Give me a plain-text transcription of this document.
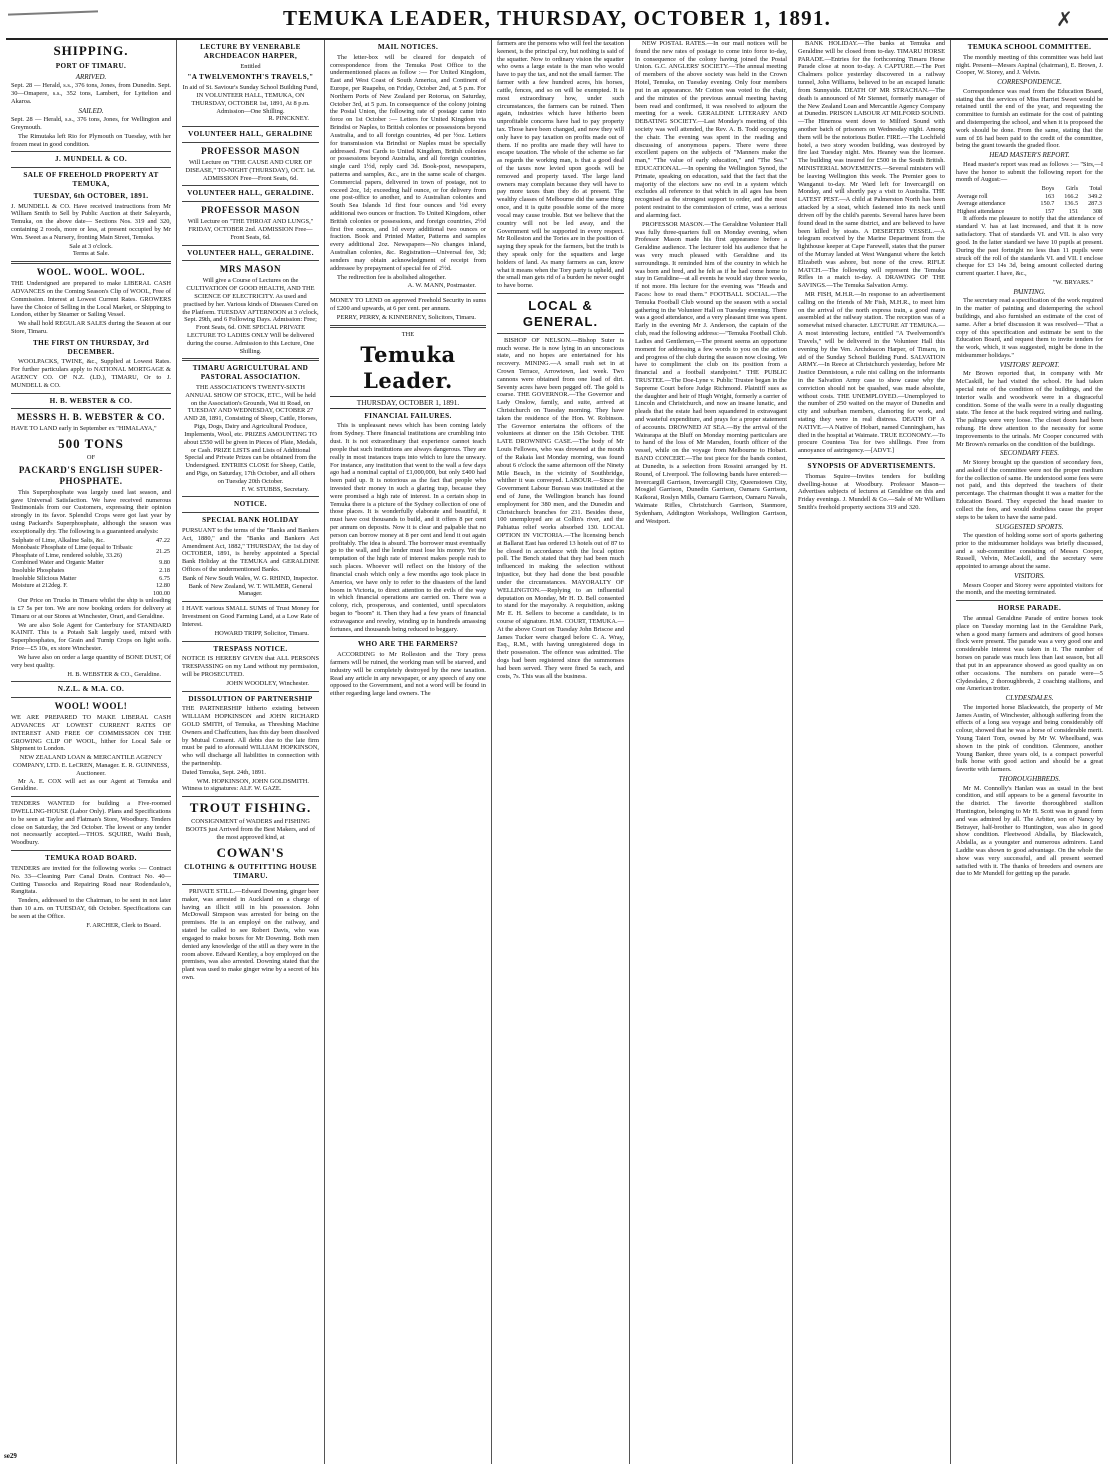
TEMUKA LEADER, THURSDAY, OCTOBER 1, 1891.	✗
SHIPPING.
PORT OF TIMARU.
ARRIVED.
Sept. 28 — Herald, s.s., 376 tons, Jones, from Dunedin. Sept. 30—Omapere, s.s., 352 tons, Lambert, for Lyttelton and Akaroa.
SAILED.
Sept. 28 — Herald, s.s., 376 tons, Jones, for Wellington and Greymouth.
The Rimutaka left Rio for Plymouth on Tuesday, with her frozen meat in good condition.
J. MUNDELL & CO.
SALE OF FREEHOLD PROPERTY AT TEMUKA,
TUESDAY, 6th OCTOBER, 1891.
J. MUNDELL & CO. Have received instructions from Mr William Smith to Sell by Public Auction at their Saleyards, Temuka, on the above date— Sections Nos. 319 and 320, containing 2 roods, more or less, at present occupied by Mr Wm. Sweet as a Nursery, fronting Main Street, Temuka.
Sale at 3 o'clock.
Terms at Sale.
WOOL. WOOL. WOOL.
THE Undersigned are prepared to make LIBERAL CASH ADVANCES on the Coming Season's Clip of WOOL, Free of Commission. Interest at Lowest Current Rates. GROWERS have the Choice of Selling in the Local Market, or Shipping to London, either by Steamer or Sailing Vessel.
We shall hold REGULAR SALES during the Season at our Store, Timaru.
THE FIRST ON THURSDAY, 3rd DECEMBER.
WOOLPACKS, TWINE, &c., Supplied at Lowest Rates. For further particulars apply to NATIONAL MORTGAGE & AGENCY CO. OF N.Z. (LD.), TIMARU, Or to J. MUNDELL & CO.
H. B. WEBSTER & CO.
MESSRS H. B. WEBSTER & CO.
HAVE TO LAND early in September ex "HIMALAYA,"
500 TONS
OF
PACKARD'S ENGLISH SUPER-PHOSPHATE.
This Superphosphate was largely used last season, and gave Universal Satisfaction. We have received numerous Testimonials from our Customers, expressing their opinion strongly in its favor. Splendid Crops were got last year by using Packard's Superphosphate, although the season was exceptionally dry. The following is a guaranteed analysis:
Sulphate of Lime, Alkaline Salts, &c.	47.22
Monobasic Phosphate of Lime (equal to Tribasic Phosphate of Lime, rendered soluble, 33.26)	21.25
Combined Water and Organic Matter	9.80
Insoluble Phosphates	2.18
Insoluble Silicious Matter	6.75
Moisture at 212deg. F.	12.80
	100.00
Our Price on Trucks in Timaru whilst the ship is unloading is £7 5s per ton. We are now booking orders for delivery at Timaru or at our Stores at Winchester, Orari, and Geraldine.
We are also Sole Agent for Canterbury for STANDARD KAINIT. This is a Potash Salt largely used, mixed with Superphosphates, for Grain and Turnip Crops on light soils. Price—£5 10s, ex store Winchester.
We have also on order a large quantity of BONE DUST, Of very best quality.
H. B. WEBSTER & CO., Geraldine.
N.Z.L. & M.A. CO.
WOOL! WOOL!
WE ARE PREPARED TO MAKE LIBERAL CASH ADVANCES AT LOWEST CURRENT RATES OF INTEREST AND FREE OF COMMISSION ON THE GROWING CLIP OF WOOL, hither for Local Sale or Shipment to London.
NEW ZEALAND LOAN & MERCANTILE AGENCY COMPANY, LTD. E. LeCREN, Manager. E. R. GUINNESS, Auctioneer.
Mr A. E. COX will act as our Agent at Temuka and Geraldine.
TENDERS WANTED for building a Five-roomed DWELLING-HOUSE (Labor Only). Plans and Specifications to be seen at Taylor and Flatman's Store, Woodbury. Tenders close on Saturday, the 3rd October. The lowest or any tender not necessarily accepted.—THOS. SQUIRE, Waihi Bush, Woodbury.
TEMUKA ROAD BOARD.
TENDERS are invited for the following works :— Contract No. 33—Cleaning Parr Canal Drain. Contract No. 40—Cutting Tussocks and Repairing Road near Rodendaulo's, Rangitata.
Tenders, addressed to the Chairman, to be sent in not later than 10 a.m. on TUESDAY, 6th October. Specifications can be seen at the Office.
F. ARCHER, Clerk to Board.
LECTURE BY VENERABLE ARCHDEACON HARPER,
Entitled
"A TWELVEMONTH'S TRAVELS,"
In aid of St. Saviour's Sunday School Building Fund, IN VOLUNTEER HALL, TEMUKA, ON THURSDAY, OCTOBER 1st, 1891, At 8 p.m. Admission—One Shilling.
R. PINCKNEY.
VOLUNTEER HALL, GERALDINE
PROFESSOR MASON
Will Lecture on "THE CAUSE AND CURE OF DISEASE," TO-NIGHT (THURSDAY), OCT. 1st. ADMISSION Free—Front Seats, 6d.
VOLUNTEER HALL, GERALDINE.
PROFESSOR MASON
Will Lecture on "THE THROAT AND LUNGS," FRIDAY, OCTOBER 2nd. ADMISSION Free—Front Seats, 6d.
VOLUNTEER HALL, GERALDINE.
MRS MASON
Will give a Course of Lectures on the CULTIVATION OF GOOD HEALTH, AND THE SCIENCE OF ELECTRICITY. As used and practised by her. Various kinds of Diseases Cured on the Platform. TUESDAY AFTERNOON at 3 o'clock, Sept. 29th, and 6 Following Days. Admission: Free; Front Seats, 6d. ONE SPECIAL PRIVATE LECTURE TO LADIES ONLY Will be delivered during the course. Admission to this Lecture, One Shilling.
TIMARU AGRICULTURAL AND PASTORAL ASSOCIATION.
THE ASSOCIATION'S TWENTY-SIXTH ANNUAL SHOW OF STOCK, ETC., Will be held on the Association's Grounds, Wai iti Road, on TUESDAY AND WEDNESDAY, OCTOBER 27 AND 28, 1891, Consisting of Sheep, Cattle, Horses, Pigs, Dogs, Dairy and Agricultural Produce, Implements, Wool, etc. PRIZES AMOUNTING TO about £550 will be given in Pieces of Plate, Medals, or Cash. PRIZE LISTS and Lists of Additional Special and Private Prizes can be obtained from the Undersigned. ENTRIES CLOSE for Sheep, Cattle, and Pigs, on Saturday, 17th October, and all others on Tuesday 20th October.
F. W. STUBBS, Secretary.
NOTICE.
SPECIAL BANK HOLIDAY
PURSUANT to the terms of the "Banks and Bankers Act, 1880," and the "Banks and Bankers Act Amendment Act, 1882," THURSDAY, the 1st day of OCTOBER, 1891, is hereby appointed a Special Bank Holiday at the TEMUKA and GERALDINE Offices of the undermentioned Banks.
Bank of New South Wales, W. G. RHIND, Inspector.
Bank of New Zealand, W. T. WILMER, General Manager.
I HAVE various SMALL SUMS of Trust Money for Investment on Good Farming Land, at a Low Rate of Interest.
HOWARD TRIPP, Solicitor, Timaru.
TRESPASS NOTICE.
NOTICE IS HEREBY GIVEN that ALL PERSONS TRESPASSING on my Land without my permission, will be PROSECUTED.
JOHN WOODLEY, Winchester.
DISSOLUTION OF PARTNERSHIP
THE PARTNERSHIP hitherto existing between WILLIAM HOPKINSON and JOHN RICHARD GOLD SMITH, of Temuka, as Threshing Machine Owners and Chaffcutters, has this day been dissolved by Mutual Consent. All debts due to the late firm must be paid to aforesaid WILLIAM HOPKINSON, who will discharge all liabilities in connection with the partnership.
Dated Temuka, Sept. 24th, 1891.
WM. HOPKINSON, JOHN GOLDSMITH.
Witness to signatures: ALF. W. GAZE.
TROUT FISHING.
CONSIGNMENT of WADERS and FISHING BOOTS just Arrived from the Best Makers, and of the most approved kind, at
COWAN'S
CLOTHING & OUTFITTING HOUSE TIMARU.
PRIVATE STILL.—Edward Downing, ginger beer maker, was arrested in Auckland on a charge of having an illicit still in his possession. John McDowall Simpson was arrested for being on the premises. He is an employé on the railway, and stated he called to see Robert Davis, who was engaged to make boxes for Mr Downing. Both men denied any knowledge of the still as they were in the room above. Edward Kentley, a boy employed on the premises, was also arrested. Downing stated that the plant was used to make ginger wine by a secret of his own.
MAIL NOTICES.
The letter-box will be cleared for despatch of correspondence from the Temuka Post Office to the undermentioned places as follow :— For United Kingdom, East and West Coast of South America, and Continent of Europe, per Ruapehu, on Friday, October 2nd, at 5 p.m. For Northern Ports of New Zealand per Rotorua, on Saturday, October 3rd, at 5 p.m. In consequence of the colony joining the Postal Union, the following rate of postage came into force on 1st October :— Letters for United Kingdom via Brindisi or Naples, to British colonies or possessions beyond Australia, and to all foreign countries, 4d per ½oz. Letters for transmission via Brindisi or Naples must be specially addressed. Post Cards to United Kingdom, British colonies or possessions beyond Australia, and all foreign countries, single card 1½d, reply card 3d. Book-post, newspapers, patterns and samples, &c., are in the same scale of charges. Commercial papers, delivered in town of postage, not to exceed 2oz, 1d; exceeding half ounce, or for delivery from one post-office to another, and to Australian colonies and South Sea Islands 1d first four ounces and ½d every additional two ounces or fraction. To United Kingdom, other British colonies or possessions, and foreign countries, 2½d first five ounces, and 1d every additional two ounces or fraction. Book and Printed Matter, Patterns and samples every additional 2oz. Newspapers—No changes inland, Australian colonies, &c. Registration—Universal fee, 3d; senders may obtain acknowledgment of receipt from addressee by prepayment of special fee of 2½d.
The redirection fee is abolished altogether.
A. W. MANN, Postmaster.
MONEY TO LEND on approved Freehold Security in sums of £200 and upwards, at 6 per cent. per annum.
PERRY, PERRY, & KINNERNEY, Solicitors, Timaru.
THE
Temuka Leader.
THURSDAY, OCTOBER 1, 1891.
FINANCIAL FAILURES.
This is unpleasant news which has been coming lately from Sydney. There financial institutions are crumbling into dust. It is not extraordinary that experience cannot teach people that such institutions are always dangerous. They are really in most instances traps into which to lure the unwary. For instance, any institution that went to the wall a few days ago had a nominal capital of £1,000,000, but only £400 had been paid up. It is notorious as the fact that people who invested their money in such a glaring trap, because they were promised a high rate of interest. In a certain shop in Temuka there is a picture of the Sydney collection of one of those places. It is wonderfully elaborate and beautiful, it must have cost thousands to build, and it offers 8 per cent per annum on deposits. Now it is clear and palpable that no person can borrow money at 8 per cent and lend it out again profitably. The idea is absurd. The borrower must eventually go to the wall, and the lender must lose his money. Yet the temptation of the high rate of interest makes people rush to such places. Whoever will reflect on the history of the financial crash which only a few months ago took place in America, we have only to refer to the disasters of the land boom in Victoria, to direct attention to the evils of the way in which financial operations are carried on. There was a colony, rich, prosperous, and contented, until speculators began to "boom" it. Then they had a few years of financial extravagance and revelry, winding up in hundreds amassing fortunes, and thousands being reduced to beggary.
WHO ARE THE FARMERS?
ACCORDING to Mr Rolleston and the Tory press farmers will be ruined, the working man will be starved, and industry will be completely destroyed by the new taxation. Read any article in any newspaper, or any speech of any one opposed to the Government, and not a word will be found in either regarding large land owners. The
farmers are the persons who will feel the taxation keenest, is the principal cry, but nothing is said of the squatter. Now to ordinary vision the squatter who owns a large estate is the man who would have to pay the tax, and not the small farmer. The farmer with a few hundred acres, his horses, cattle, fences, and so on will be exempted. It is most extraordinary how, under such circumstances, the farmers can be ruined. Then again, industries which have hitherto been unprofitable concerns have had to pay property tax. Those have been changed, and now they will only have to pay taxation on profits made out of them. If no profits are made they will have to escape taxation. The whole of the scheme so far as regards the working man, is that a good deal of the taxes now levied upon goods will be removed and property taxed. The large land owners may complain because they will have to pay more taxes than they do at present. The wealthy classes of Melbourne did the same thing once, and it is quite possible some of the more vocal may cause trouble. But we believe that the country will not be led away, and the Government will be supported in every respect. Mr Rolleston and the Tories are in the position of saying they speak for the farmers, but the truth is they speak only for the squatters and large holders of land. As many farmers as can, know what it means when the Tory party is upheld, and the small man gets rid of a burden he never ought to have borne.
LOCAL & GENERAL.
BISHOP OF NELSON.—Bishop Suter is much worse. He is now lying in an unconscious state, and no hopes are entertained for his recovery. MINING.—A small rush set in at Crown Terrace, Arrowtown, last week. Two cannons were obtained from one load of dirt. Seventy acres have been pegged off. The gold is coarse. THE GOVERNOR.—The Governor and Lady Onslow, family, and suite, arrived at Christchurch on Tuesday morning. They have taken the residence of the Hon. W. Robinson. The Governor entertains the officers of the volunteers at dinner on the 15th October. THE LATE DROWNING CASE.—The body of Mr Louis Fellowes, who was drowned at the mouth of the Rakaia last Monday morning, was found about 6 o'clock the same afternoon off the Ninety Mile Beach, in the vicinity of Southbridge, whither it was conveyed. LABOUR.—Since the Government Labour Bureau was instituted at the end of June, the Wellington branch has found employment for 380 men, and the Dunedin and Christchurch branches for 231. Besides these, 100 unemployed are at Collin's river, and the Pahiatua relief works absorbed 130. LOCAL OPTION IN VICTORIA.—The licensing bench at Ballarat East has ordered 13 hotels out of 87 to be closed in accordance with the local option poll. The Bench stated that they had been much influenced in making the selection without injustice, but they had done the best possible under the circumstances. MAYORALTY OF WELLINGTON.—Replying to an influential deputation on Monday, Mr H. D. Bell consented to stand for the mayoralty. A requisition, asking Mr E. H. Sellers to become a candidate, is in course of signature. H.M. COURT, TEMUKA.—At the above Court on Tuesday John Briscoe and James Tucker were charged before C. A. Wray, Esq., R.M., with having unregistered dogs in their possession. The offence was admitted. The dogs had been registered since the summonses had been served. They were fined 5s each, and costs, 7s. This was all the business.
NEW POSTAL RATES.—In our mail notices will be found the new rates of postage to come into force to-day, in consequence of the colony having joined the Postal Union. G.C. ANGLERS' SOCIETY.—The annual meeting of members of the above society was held in the Crown Hotel, Temuka, on Tuesday evening. Only four members put in an appearance. Mr Cotton was voted to the chair, and the minutes of the previous annual meeting having been read and confirmed, it was resolved to adjourn the meeting for a week. GERALDINE LITERARY AND DEBATING SOCIETY.—Last Monday's meeting of this society was well attended, the Rev. A. B. Todd occupying the chair. The evening was spent in the reading and discussing of anonymous papers. There were three excellent papers on the subjects of "Manners make the man," "The value of early education," and "The Sea." EDUCATIONAL.—In opening the Wellington Synod, the Primate, speaking on education, said that the fact that the majority of the electors saw no evil in a system which excludes all reference to that which in all ages has been recognised as the strongest support to order, and the most potent restraint to the commission of crime, was a serious and alarming fact.
PROFESSOR MASON.—The Geraldine Volunteer Hall was fully three-quarters full on Monday evening, when Professor Mason made his first appearance before a Geraldine audience. The lecturer told his audience that he was very much pleased with Geraldine and its surroundings. It reminded him of the country in which he was born and bred, and he felt as if he had come home to stay in Geraldine—at all events he would stay three weeks, if not more. His lecture for the evening was "Heads and Faces: how to read them." FOOTBALL SOCIAL.—The Temuka Football Club wound up the season with a social gathering in the Volunteer Hall on Tuesday evening. There was a good attendance, and a very pleasant time was spent. Early in the evening Mr J. Anderson, the captain of the club, read the following address:—"Temuka Football Club. Ladies and Gentlemen,—The present seems an opportune moment for addressing a few words to you on the action and progress of the club during the season now closing. We have to compliment the club on its position from a financial and a football standpoint." THE PUBLIC TRUSTEE.—The Doe-Lyne v. Public Trustee began in the Supreme Court before Judge Richmond. Plaintiff sues as the daughter and heir of Hugh Wright, formerly a carrier of Lincoln and Christchurch, and now an insane lunatic, and pleads that the estate had been squandered in extravagant and wasteful expenditure, and prays for a proper statement of accounts. DROWNED AT SEA.—By the arrival of the Wairarapa at the Bluff on Monday morning particulars are to hand of the loss of Mr Marsden, fourth officer of the vessel, while on the voyage from Melbourne to Hobart. BAND CONCERT.—The test piece for the bands contest, at Dunedin, is a selection from Rossini arranged by H. Round, of Liverpool. The following bands have entered:—Invercargill Garrison, Invercargill City, Queenstown City, Mosgiel Garrison, Dunedin Garrison, Oamaru Garrison, Kaikorai, Roslyn Mills, Oamaru Garrison, Oamaru Navals, Waimate Rifles, Christchurch Garrison, Stanmore, Sydenham, Addington Workshops, Wellington Garrison, and Westport.
BANK HOLIDAY.—The banks at Temuka and Geraldine will be closed from to-day. TIMARU HORSE PARADE.—Entries for the forthcoming Timaru Horse Parade close at noon to-day. A CAPTURE.—The Port Chalmers police yesterday discovered in a railway tunnel, John Williams, believed to be an escaped lunatic from Sunnyside. DEATH OF MR STRACHAN.—The death is announced of Mr Stennet, formerly manager of the New Zealand Loan and Mercantile Agency Company at Dunedin. PRISON LABOUR AT MILFORD SOUND.—The Hinemoa went down to Milford Sound with another batch of prisoners on Wednesday night. Among them will be the notorious Butler. FIRE.—The Lochfield hotel, a two story wooden building, was destroyed by fire last Tuesday night. Mrs. Heaney was the licensee. The building was insured for £500 in the South British. MINISTERIAL MOVEMENTS.—Several ministers will be leaving Wellington this week. The Premier goes to Wanganui to-day. Mr Ward left for Invercargill on Monday, and will shortly pay a visit to Australia. THE LATEST PEST.—A child at Palmerston North has been attacked by a stoat, which fastened into its neck until driven off by the child's parents. Several hares have been found dead in the same district, and are believed to have been killed by stoats. A DESERTED VESSEL.—A telegram received by the Marine Department from the lighthouse keeper at Cape Farewell, states that the purser of the Murray landed at West Wanganui where the ketch Elizabeth was ashore, but none of the crew. RIFLE MATCH.—The following will represent the Temuka Rifles in a match to-day. A DRAWING OF THE SAVINGS.—The Temuka Salvation Army.
MR FISH, M.H.R.—In response to an advertisement calling on the friends of Mr Fish, M.H.R., to meet him on the arrival of the north express train, a good many assembled at the railway station. The reception was of a somewhat mixed character. LECTURE AT TEMUKA.—A most interesting lecture, entitled "A Twelvemonth's Travels," will be delivered in the Volunteer Hall this evening by the Ven. Archdeacon Harper, of Timaru, in aid of the Sunday School Building Fund. SALVATION ARMY.—In Reece at Christchurch yesterday, before Mr Justice Dennistoun, a rule nisi calling on the informants in the Salvation Army case to show cause why the conviction should not be quashed, was made absolute, without costs. THE UNEMPLOYED.—Unemployed to the number of 250 waited on the mayor of Dunedin and city and suburban members, clamoring for work, and stating they were in real distress. DEATH OF A NATIVE.—A Native of Hobart, named Cunningham, has died in the hospital at Waimate. TRUE ECONOMY.—To procure Countess Tea for two shillings. Free from annoyance of astringency.—[ADVT.]
SYNOPSIS OF ADVERTISEMENTS.
Thomas Squire—Invites tenders for building dwelling-house at Woodbury. Professor Mason—Advertises subjects of lectures at Geraldine on this and Friday evenings. J. Mundell & Co.—Sale of Mr William Smith's freehold property sections 319 and 320.
TEMUKA SCHOOL COMMITTEE.
The monthly meeting of this committee was held last night. Present—Messrs Aspinal (chairman), E. Brown, J. Cooper, W. Storey, and J. Velvin.
CORRESPONDENCE.
Correspondence was read from the Education Board, stating that the services of Miss Harriet Sweet would be retained until the end of the year, and requesting the committee to furnish an estimate for the cost of painting and distempering the school, and when it is proposed the work should be done. From the same, stating that the sum of £6 had been paid to the credit of the committee, being the grant towards the graded floor.
HEAD MASTER'S REPORT.
Head master's report was read as follows :— "Sirs,—I have the honor to submit the following report for the month of August:—
	Boys	Girls	Total
Average roll	163	166.2	349.2
Average attendance	150.7	136.5	287.3
Highest attendance	157	151	308
It affords me pleasure to notify that the attendance of standard V. has at last increased, and that it is now satisfactory. That of standards VI. and VII. is also very good. In the latter standard we have 10 pupils at present. During the past fortnight no less than 11 pupils were struck off the roll of the standards VI. and VII. I enclose cheque for £3 14s 3d, being amount collected during current quarter. I have, &c.,
"W. BRYARS."
PAINTING.
The secretary read a specification of the work required in the matter of painting and distempering the school buildings, and also furnished an estimate of the cost of same. After a brief discussion it was resolved—"That a copy of this specification and estimate be sent to the Education Board, and request them to invite tenders for the work, which, it was suggested, might be done in the midsummer holidays."
VISITORS' REPORT.
Mr Brown reported that, in company with Mr McCaskill, he had visited the school. He had taken special note of the condition of the buildings, and the interior walls and woodwork were in a disgraceful condition. Some of the walls were in a really disgusting state. The fence at the back required wiring and nailing. The palings were very loose. The closet doors had been rehung. He drew attention to the necessity for some improvements to the urinals. Mr Cooper concurred with Mr Brown's remarks on the condition of the buildings.
SECONDARY FEES.
Mr Storey brought up the question of secondary fees, and asked if the committee were not the proper medium for the collection of same. He understood some fees were not paid, and this deprived the teachers of their percentage. The chairman thought it was a matter for the Education Board. They expected the head master to collect the fees, and would doubtless cause the proper steps to be taken to have the same paid.
SUGGESTED SPORTS.
The question of holding some sort of sports gathering prior to the midsummer holidays was briefly discussed, and a sub-committee consisting of Messrs Cooper, Russell, Velvin, McCaskill, and the secretary were appointed to arrange about the same.
VISITORS.
Messrs Cooper and Storey were appointed visitors for the month, and the meeting terminated.
HORSE PARADE.
The annual Geraldine Parade of entire horses took place on Tuesday morning last in the Geraldine Park, when a good many farmers and admirers of good horses flock were present. The parade was a very good one and considerable interest was taken in it. The number of horses on parade was much less than last season, but all that put in an appearance showed as good quality as on other occasions. The numbers on parade were—5 Clydesdales, 2 thoroughbreds, 2 coaching stallions, and one American trotter.
CLYDESDALES.
The imported horse Blackwatch, the property of Mr James Austin, of Winchester, although suffering from the effects of a long sea voyage and being considerably off colour, showed that he was a horse of considerable merit. Young Taieri Tom, owned by Mr W. Wheelband, was shown in the pink of condition. Glenmore, another Young Banker, three years old, is a compact powerful bulk horse with good action and should be a great favorite with farmers.
THOROUGHBREDS.
Mr M. Connolly's Hanlan was as usual in the best condition, and still appears to be a general favourite in the district. The favorite thoroughbred stallion Huntington, belonging to Mr H. Scott was in grand form and was admired by all. The Arbiter, son of Nancy by Betrayer, half-brother to Huntington, was also in good show condition. Fleetwood Abdalla, by Blackwatch, Abdalla, as a youngster and numerous admirers. Land Laddie was shown to good advantage. On the whole the show was very successful, and all present seemed satisfied with it. The thanks of breeders and owners are due to Mr Mundell for getting up the parade.
se29
